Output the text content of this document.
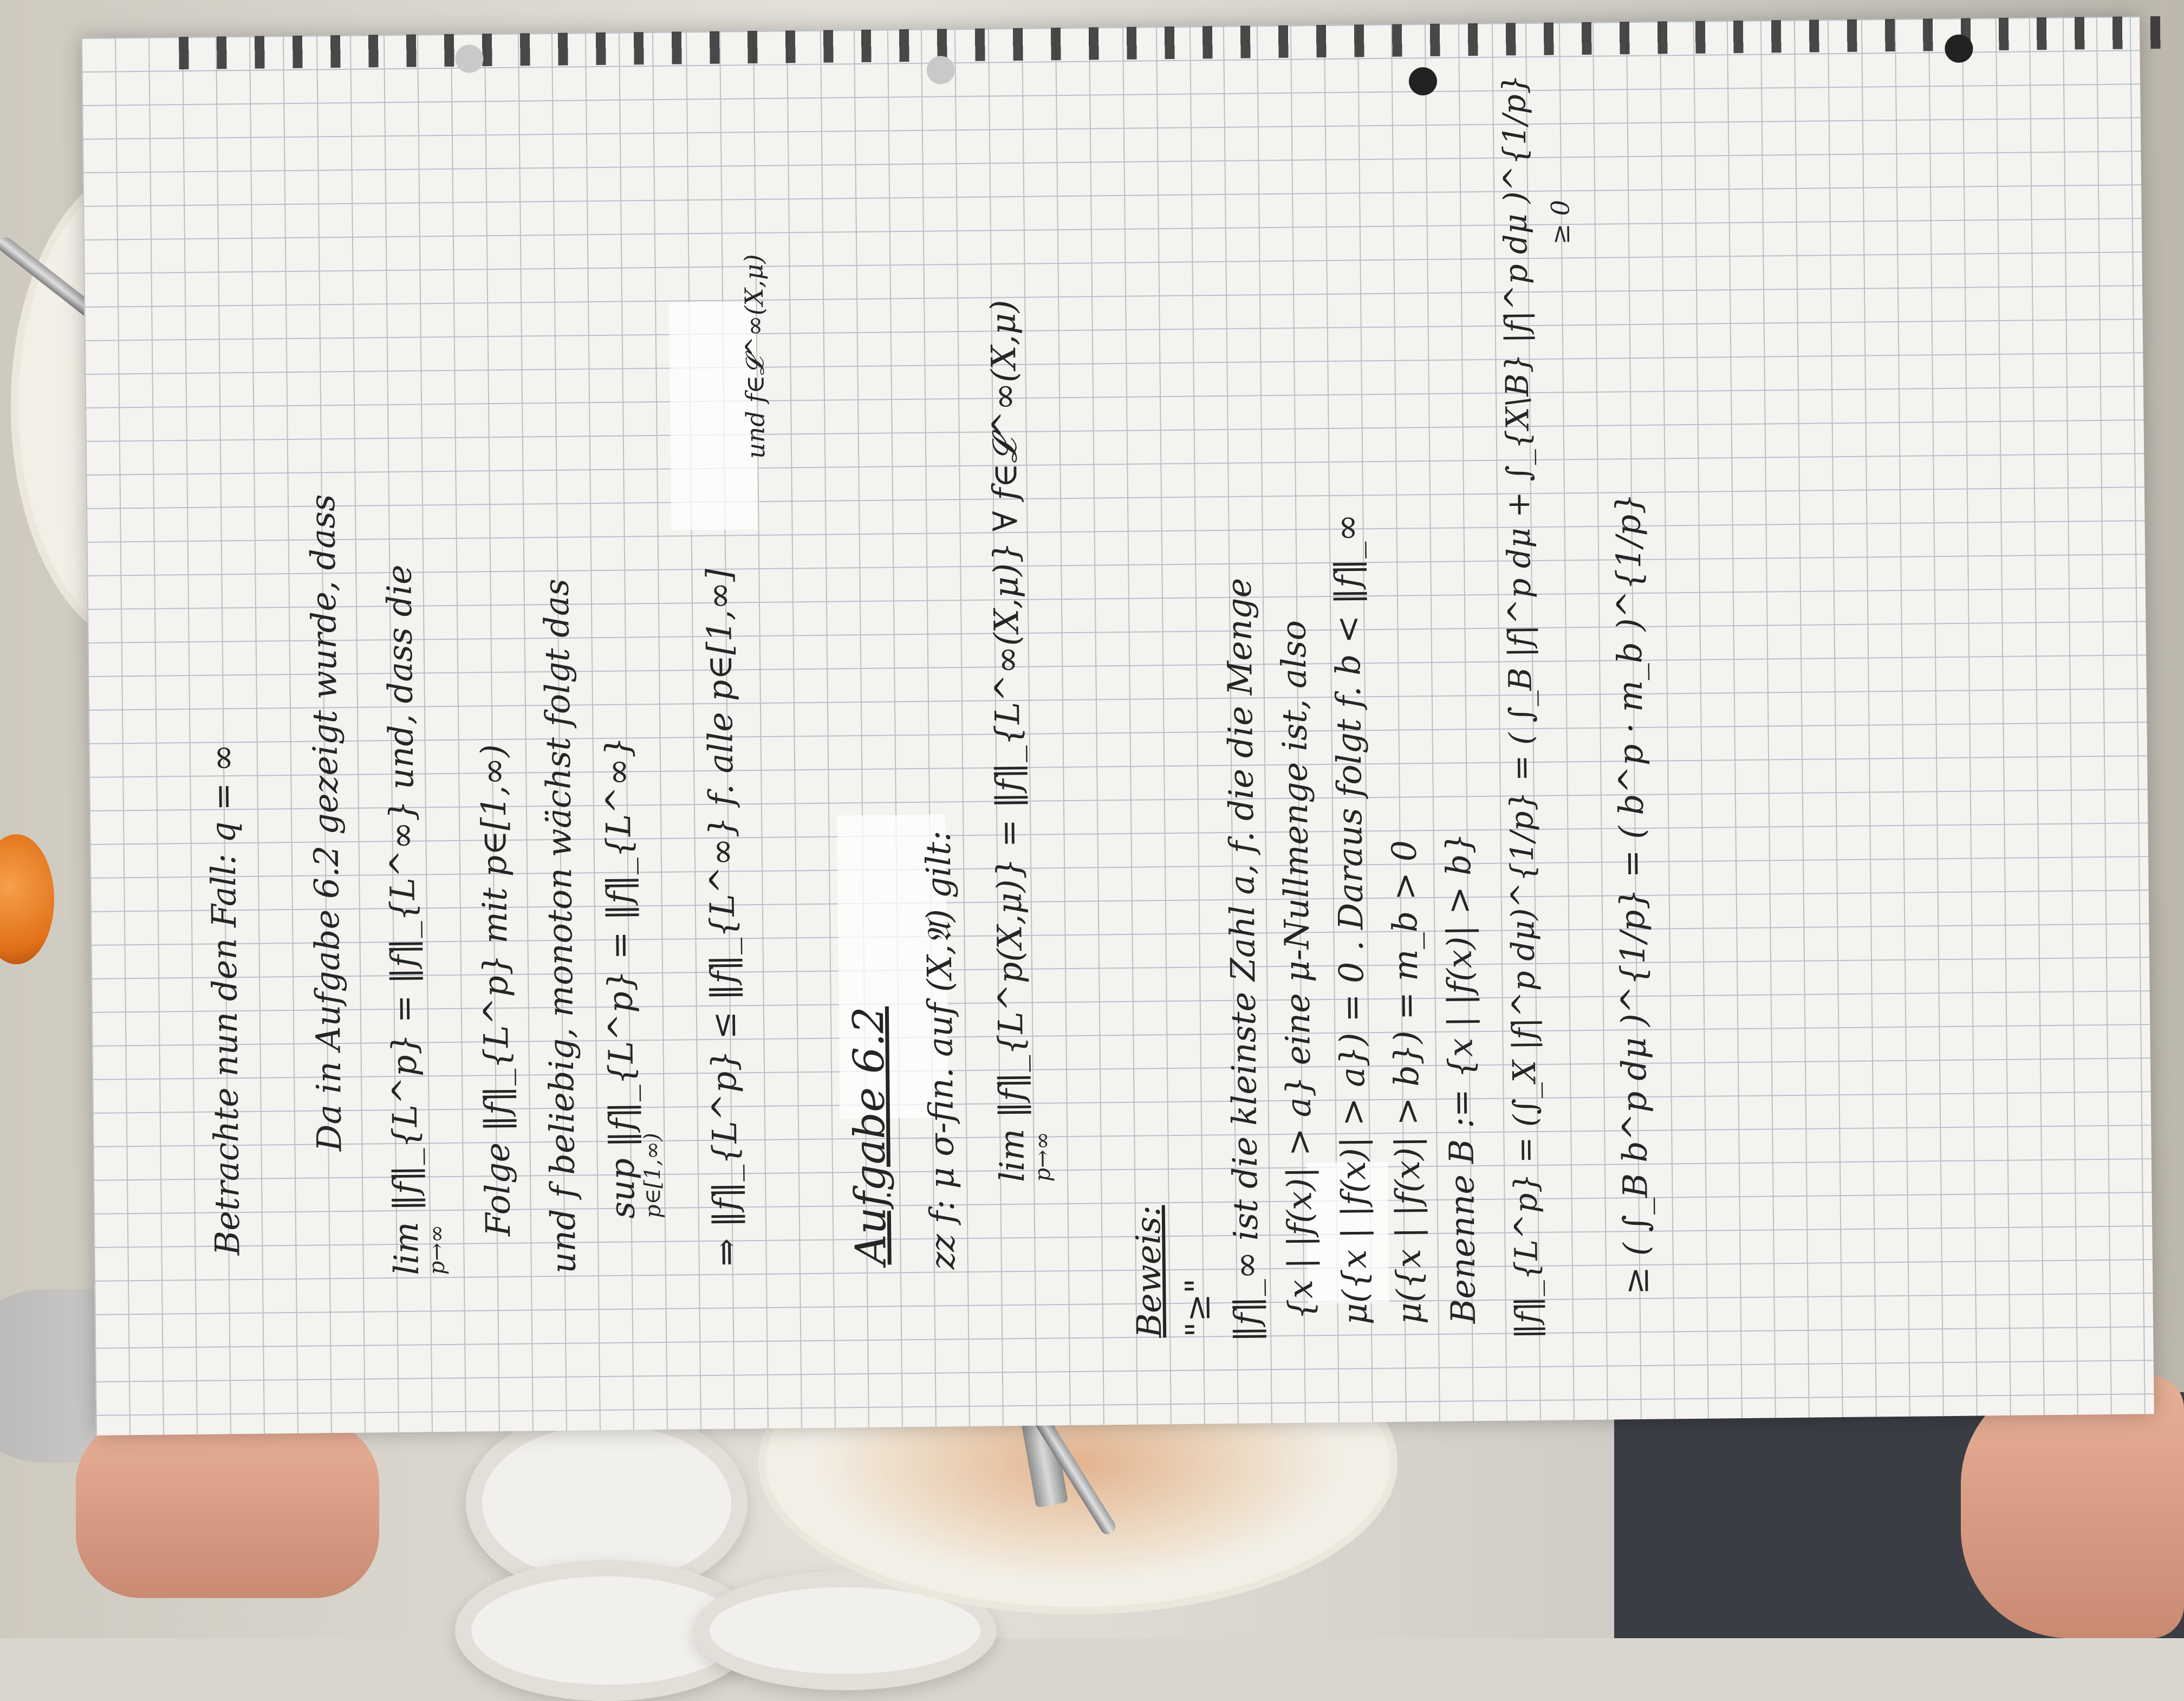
Betrachte nun den Fall: q = ∞ Da in Aufgabe 6.2 gezeigt wurde, dass lim ‖f‖_{L^p} = ‖f‖_{L^∞} und, dass die
p→∞
Folge ‖f‖_{L^p} mit p∈[1,∞) und f beliebig, monoton wächst folgt das sup ‖f‖_{L^p} = ‖f‖_{L^∞}
p∈[1,∞) ⇒ ‖f‖_{L^p} ≤ ‖f‖_{L^∞} f. alle p∈[1,∞]
und f∈𝓛^∞(X,μ)
Aufgabe 6.2 zz f: μ σ-fin. auf (X,𝔄) gilt: lim ‖f‖_{L^p(X,μ)} = ‖f‖_{L^∞(X,μ)} ∀ f∈𝓛^∞(X,μ)
p→∞
Beweis: "≥" ‖f‖_∞ ist die kleinste Zahl a, f. die die Menge {x | |f(x)| > a} eine μ-Nullmenge ist, also μ({x | |f(x)| > a}) = 0 . Daraus folgt f. b < ‖f‖_∞ μ({x | |f(x)| > b}) = m_b > 0 Benenne B := {x | |f(x)| > b} ‖f‖_{L^p} = (∫_X |f|^p dμ)^{1/p} = ( ∫_B |f|^p dμ + ∫_{X\B} |f|^p dμ )^{1/p} ≥ 0
≥ ( ∫_B b^p dμ )^{1/p} = ( b^p · m_b )^{1/p}
